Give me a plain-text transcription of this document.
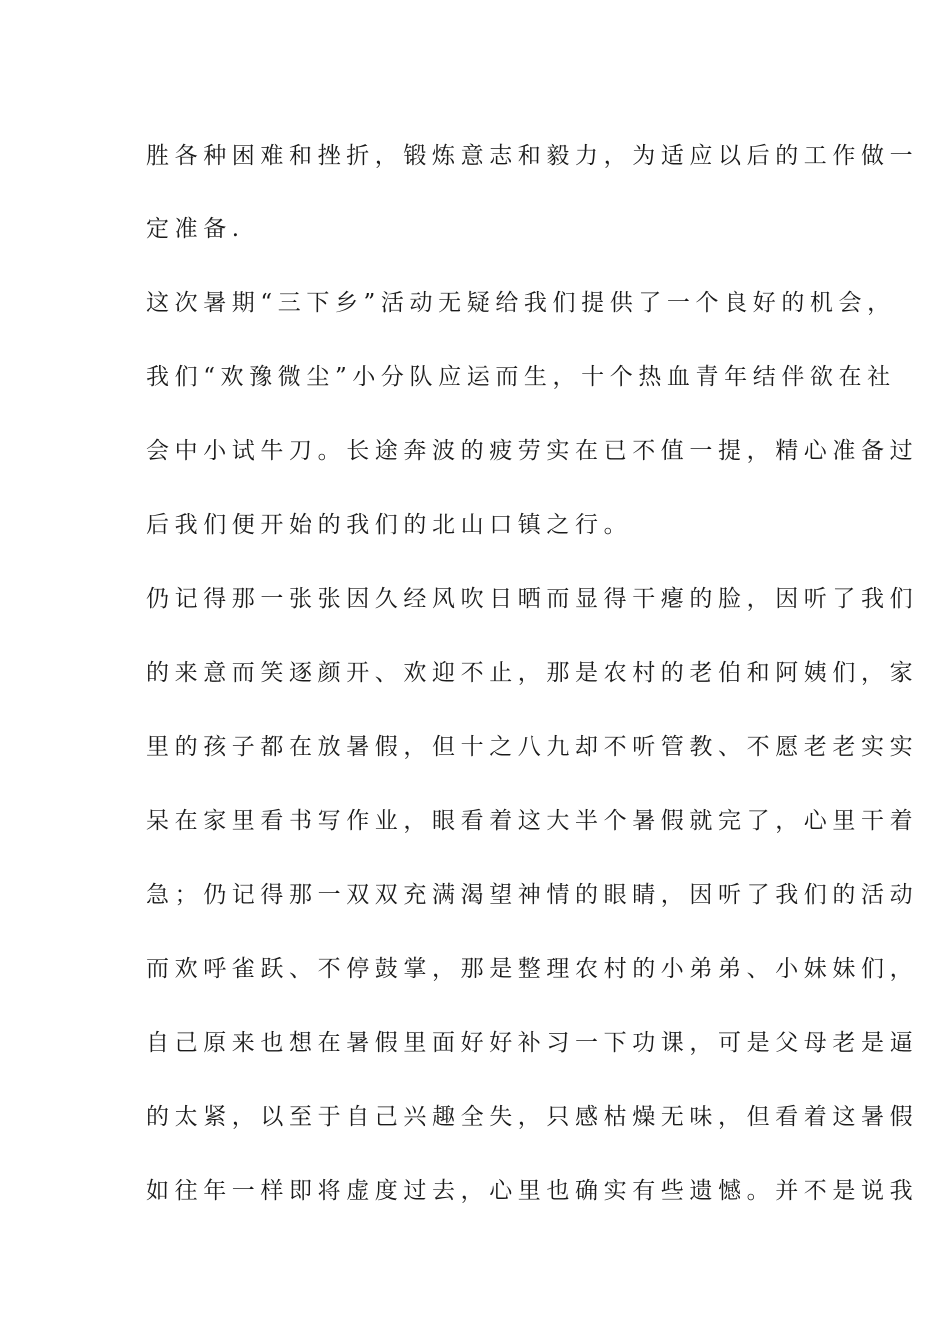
胜各种困难和挫折，锻炼意志和毅力，为适应以后的工作做一
定准备.
这次暑期“三下乡”活动无疑给我们提供了一个良好的机会，
我们“欢豫微尘”小分队应运而生，十个热血青年结伴欲在社
会中小试牛刀。长途奔波的疲劳实在已不值一提，精心准备过
后我们便开始的我们的北山口镇之行。
仍记得那一张张因久经风吹日晒而显得干瘪的脸，因听了我们
的来意而笑逐颜开、欢迎不止，那是农村的老伯和阿姨们，家
里的孩子都在放暑假，但十之八九却不听管教、不愿老老实实
呆在家里看书写作业，眼看着这大半个暑假就完了，心里干着
急；仍记得那一双双充满渴望神情的眼睛，因听了我们的活动
而欢呼雀跃、不停鼓掌，那是整理农村的小弟弟、小妹妹们，
自己原来也想在暑假里面好好补习一下功课，可是父母老是逼
的太紧，以至于自己兴趣全失，只感枯燥无味，但看着这暑假
如往年一样即将虚度过去，心里也确实有些遗憾。并不是说我
